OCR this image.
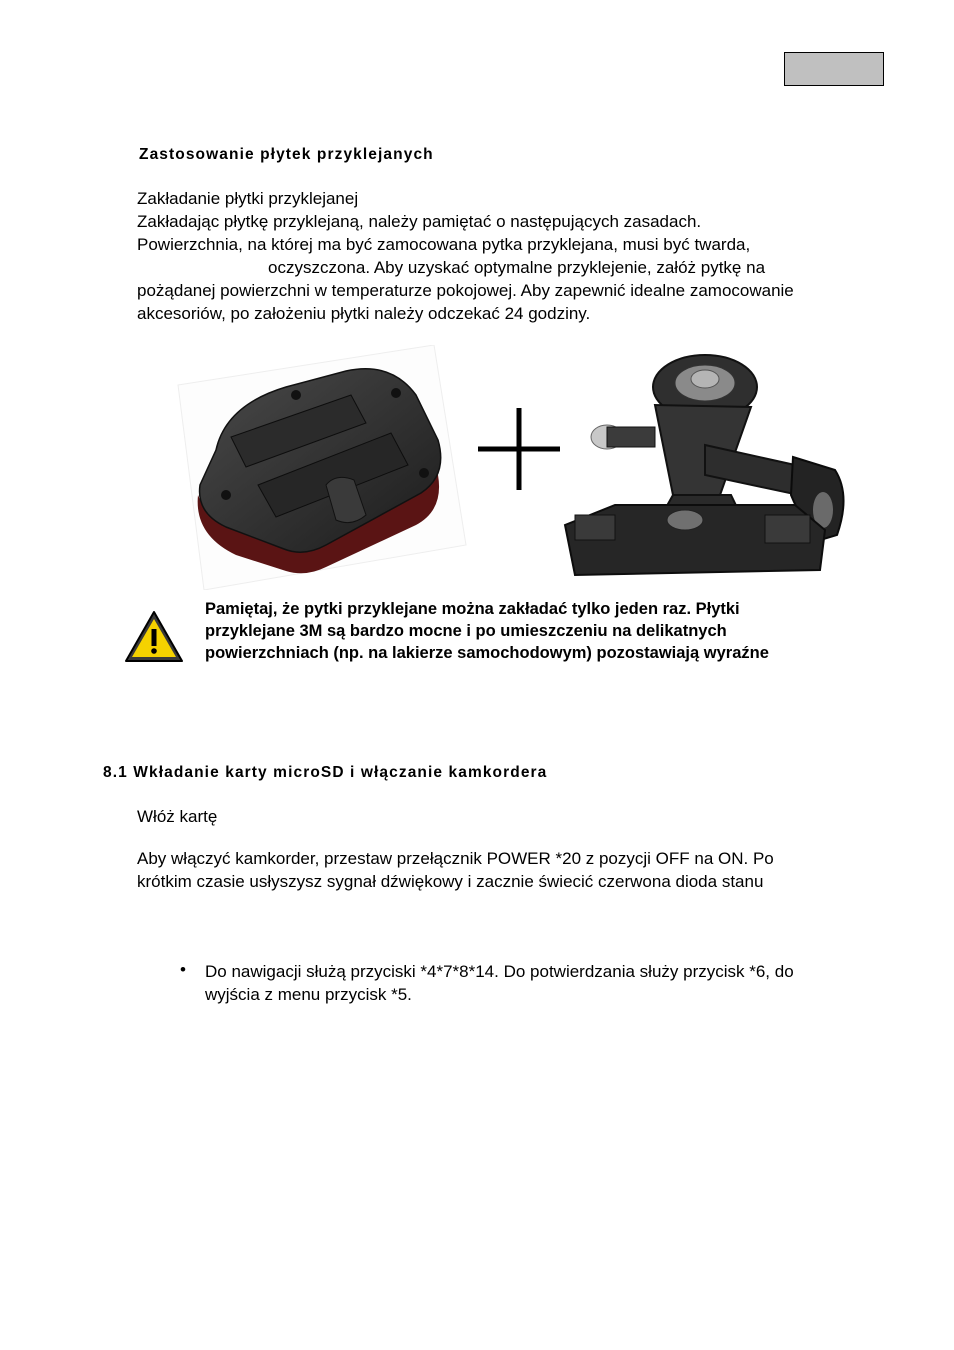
Zastosowanie płytek przyklejanych
Zakładanie płytki przyklejanej
Zakładając płytkę przyklejaną, należy pamiętać o następujących zasadach.
Powierzchnia, na której ma być zamocowana pytka przyklejana, musi być twarda,
oczyszczona. Aby uzyskać optymalne przyklejenie, załóż pytkę na
pożądanej powierzchni w temperaturze pokojowej. Aby zapewnić idealne zamocowanie
akcesoriów, po założeniu płytki należy odczekać 24 godziny.
Pamiętaj, że pytki przyklejane można zakładać tylko jeden raz. Płytki
przyklejane 3M są bardzo mocne i po umieszczeniu na delikatnych
powierzchniach (np. na lakierze samochodowym) pozostawiają wyraźne
8.1 Wkładanie karty microSD i włączanie kamkordera
Włóż kartę
Aby włączyć kamkorder, przestaw przełącznik POWER *20 z pozycji OFF na ON. Po
krótkim czasie usłyszysz sygnał dźwiękowy i zacznie świecić czerwona dioda stanu
• Do nawigacji służą przyciski *4*7*8*14. Do potwierdzania służy przycisk *6, do
wyjścia z menu przycisk *5.
